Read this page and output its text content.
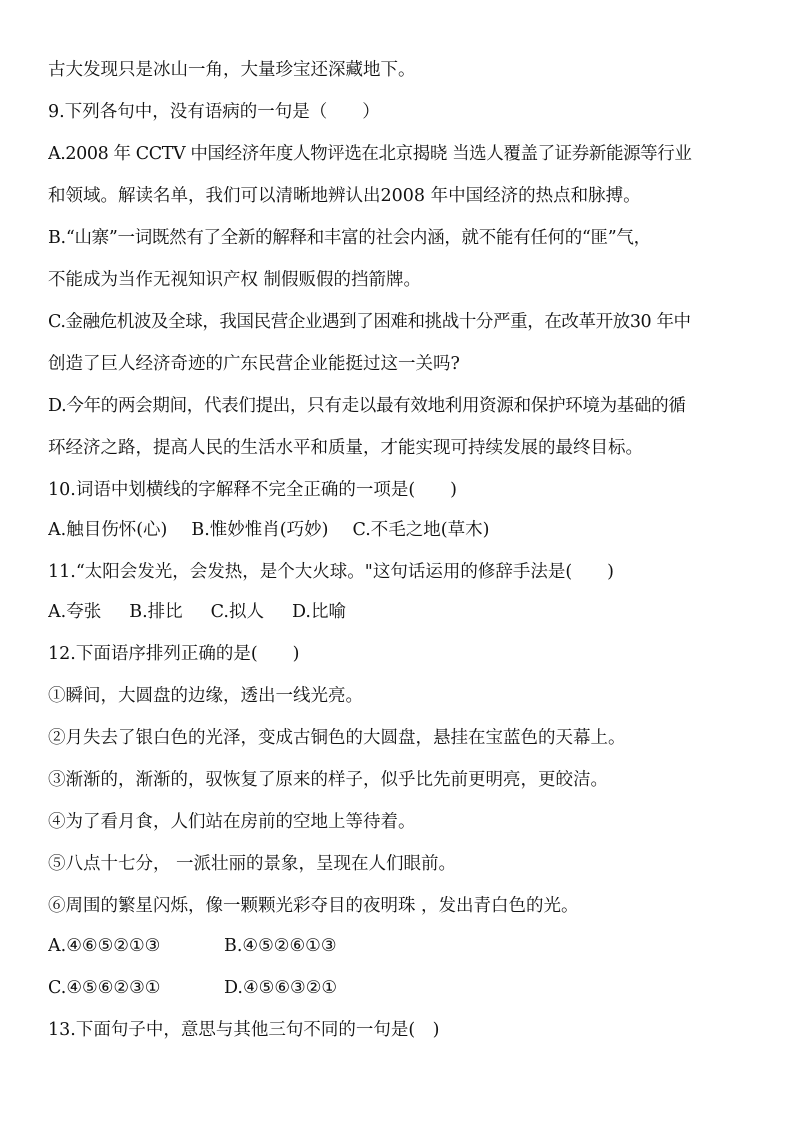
古大发现只是冰山一角，大量珍宝还深藏地下。
9.下列各句中，没有语病的一句是（　　）
A.2008 年 CCTV 中国经济年度人物评选在北京揭晓 当选人覆盖了证券新能源等行业
和领域。解读名单，我们可以清晰地辨认出2008 年中国经济的热点和脉搏。
B.“山寨”一词既然有了全新的解释和丰富的社会内涵，就不能有任何的“匪”气，
不能成为当作无视知识产权 制假贩假的挡箭牌。
C.金融危机波及全球，我国民营企业遇到了困难和挑战十分严重，在改革开放30 年中
创造了巨人经济奇迹的广东民营企业能挺过这一关吗?
D.今年的两会期间，代表们提出，只有走以最有效地利用资源和保护环境为基础的循
环经济之路，提高人民的生活水平和质量，才能实现可持续发展的最终目标。
10.词语中划横线的字解释不完全正确的一项是(　　)
A.触目伤怀(心) B.惟妙惟肖(巧妙) C.不毛之地(草木)
11.“太阳会发光，会发热，是个大火球。"这句话运用的修辞手法是(　　)
A.夸张 B.排比 C.拟人 D.比喻
12.下面语序排列正确的是(　　)
①瞬间，大圆盘的边缘，透出一线光亮。
②月失去了银白色的光泽，变成古铜色的大圆盘，悬挂在宝蓝色的天幕上。
③渐渐的，渐渐的，驭恢复了原来的样子，似乎比先前更明亮，更皎洁。
④为了看月食，人们站在房前的空地上等待着。
⑤八点十七分， 一派壮丽的景象，呈现在人们眼前。
⑥周围的繁星闪烁，像一颗颗光彩夺目的夜明珠 ，发出青白色的光。
A.④⑥⑤②①③	B.④⑤②⑥①③
C.④⑤⑥②③①	D.④⑤⑥③②①
13.下面句子中，意思与其他三句不同的一句是(　)
